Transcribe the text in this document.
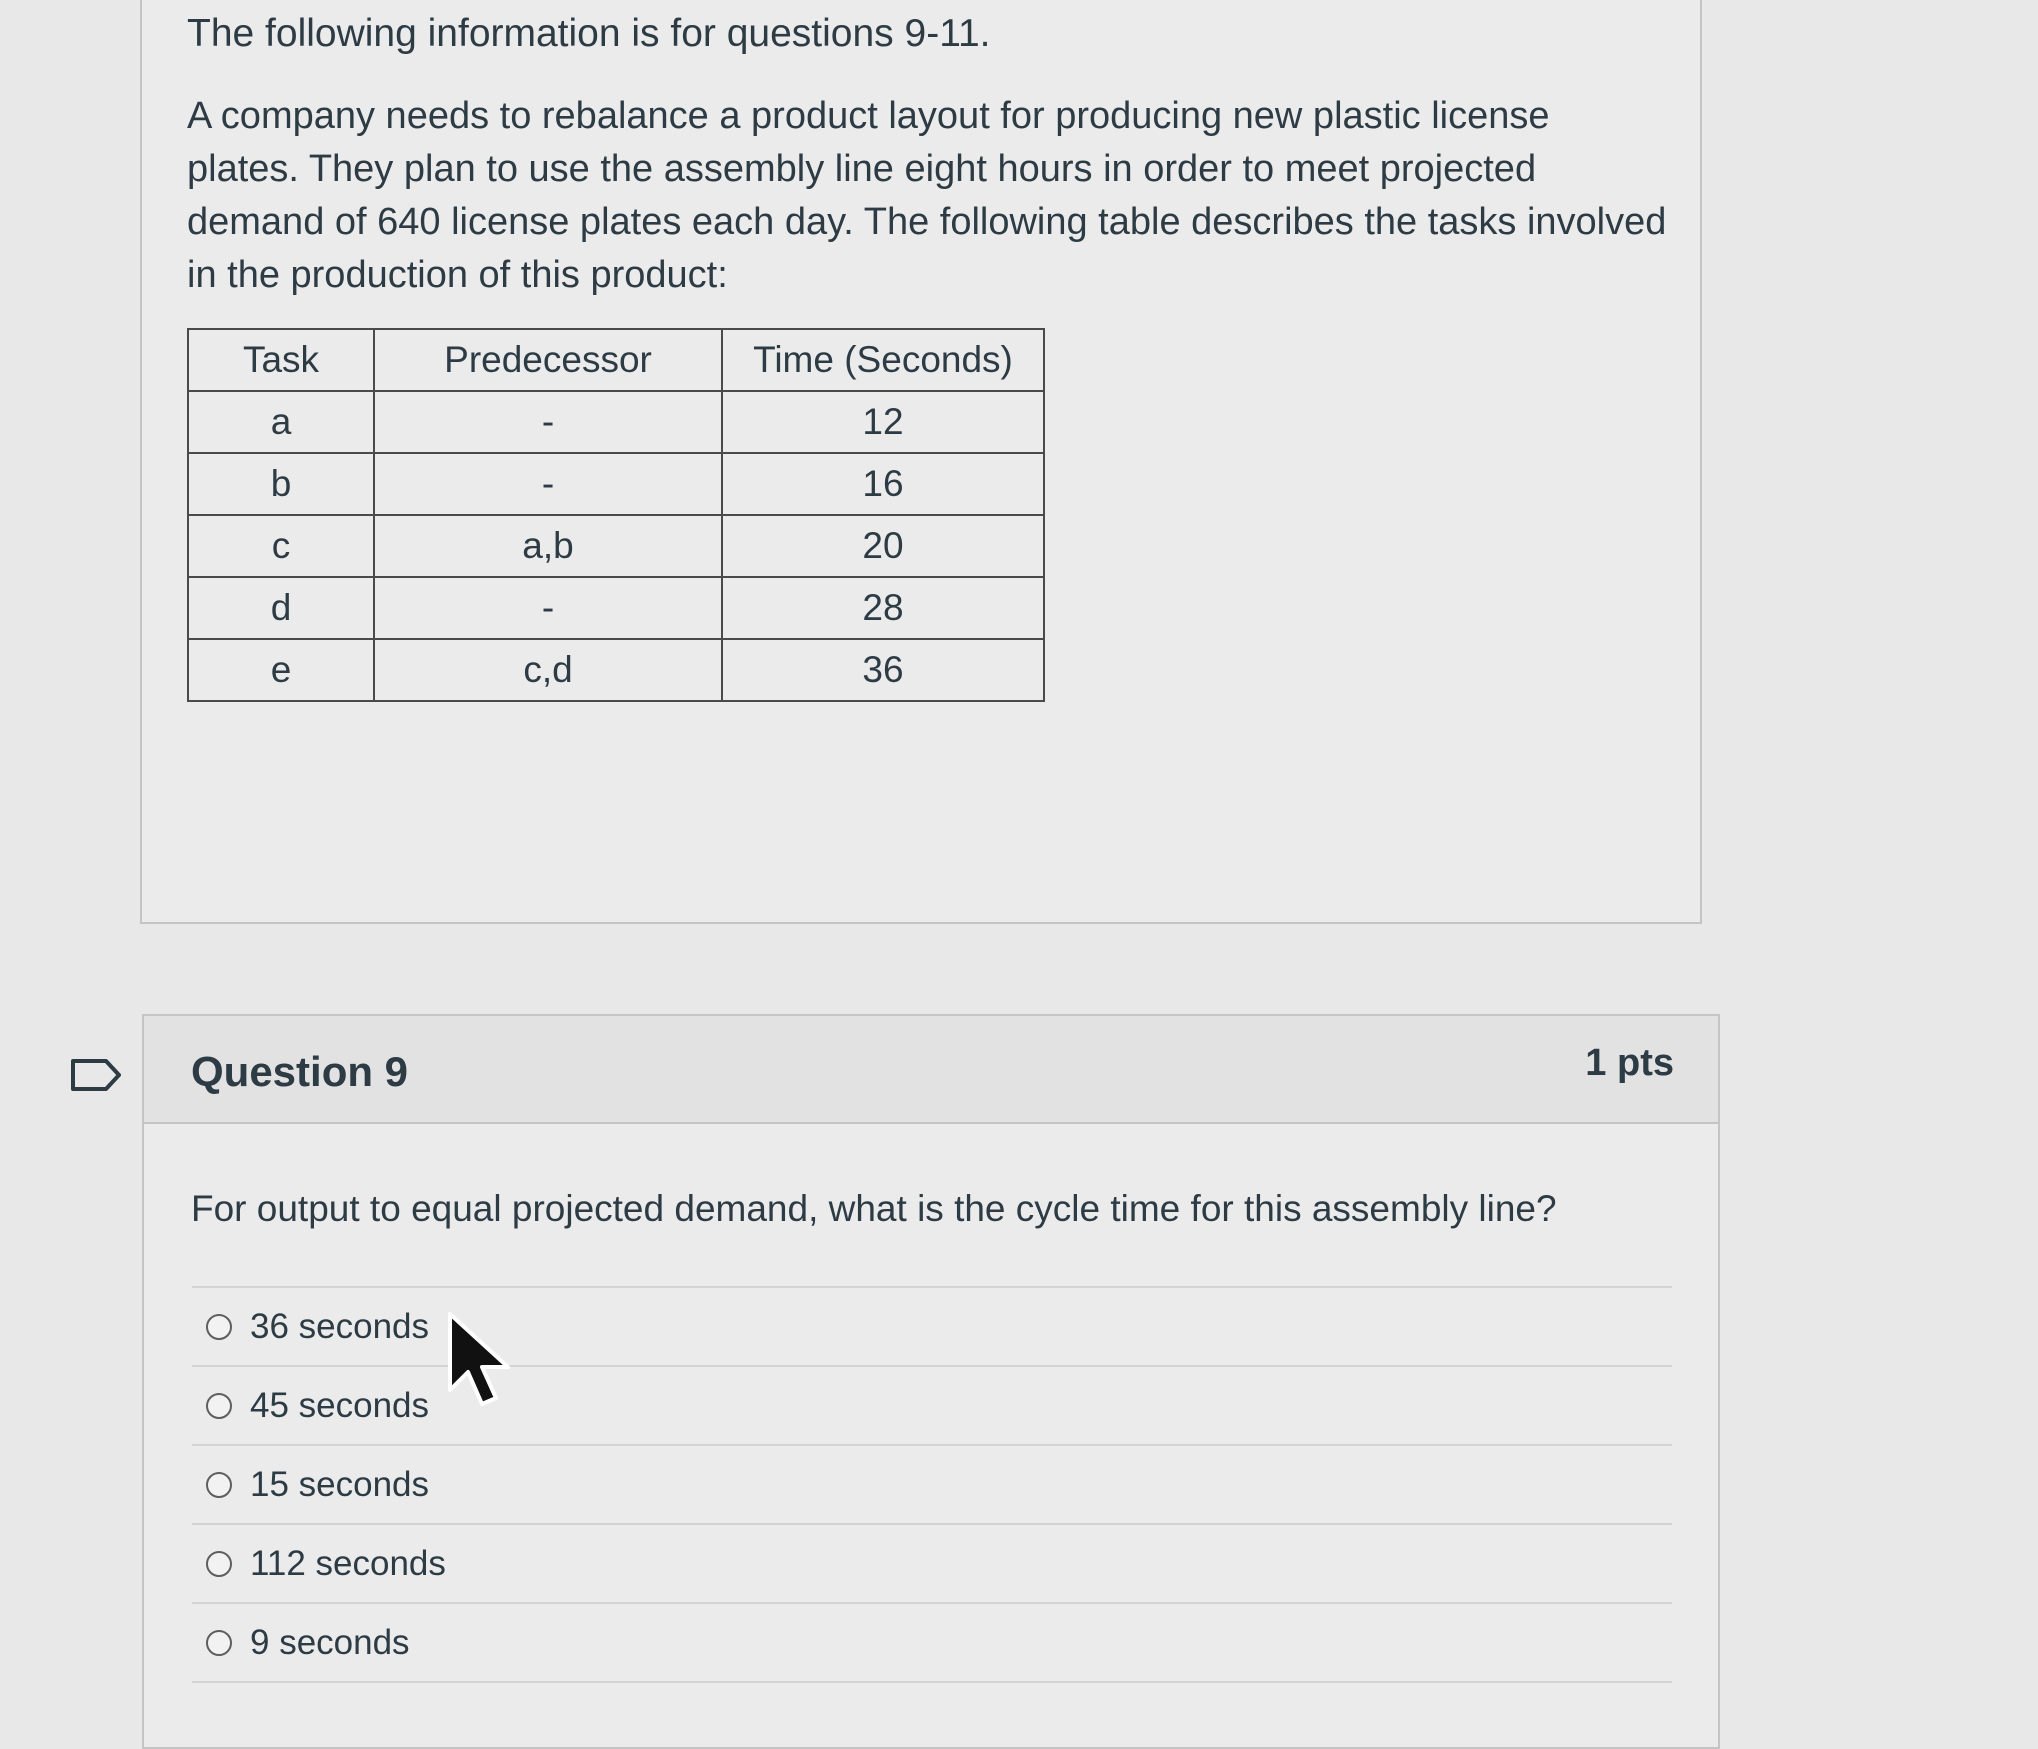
The following information is for questions 9-11.
A company needs to rebalance a product layout for producing new plastic license plates. They plan to use the assembly line eight hours in order to meet projected demand of 640 license plates each day. The following table describes the tasks involved in the production of this product:
Task	Predecessor	Time (Seconds)
a	-	12
b	-	16
c	a,b	20
d	-	28
e	c,d	36
Question 9	1 pts
For output to equal projected demand, what is the cycle time for this assembly line?
36 seconds
45 seconds
15 seconds
112 seconds
9 seconds
